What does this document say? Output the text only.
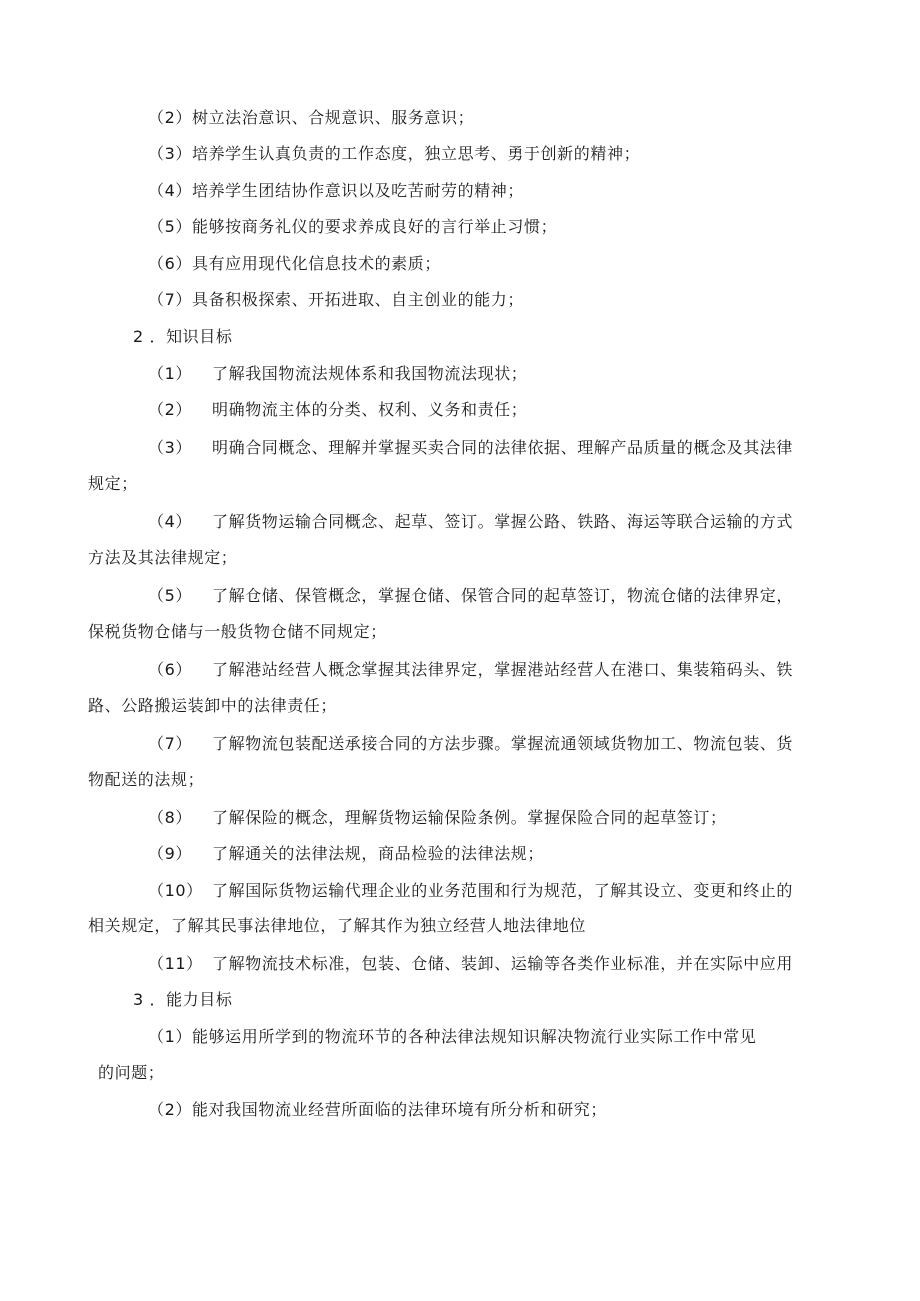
（2）树立法治意识、合规意识、服务意识；
（3）培养学生认真负责的工作态度，独立思考、勇于创新的精神；
（4）培养学生团结协作意识以及吃苦耐劳的精神；
（5）能够按商务礼仪的要求养成良好的言行举止习惯；
（6）具有应用现代化信息技术的素质；
（7）具备积极探索、开拓进取、自主创业的能力；
2 ．知识目标
（1） 了解我国物流法规体系和我国物流法现状；
（2） 明确物流主体的分类、权利、义务和责任；
（3） 明确合同概念、理解并掌握买卖合同的法律依据、理解产品质量的概念及其法律
规定；
（4） 了解货物运输合同概念、起草、签订。掌握公路、铁路、海运等联合运输的方式
方法及其法律规定；
（5） 了解仓储、保管概念，掌握仓储、保管合同的起草签订，物流仓储的法律界定，
保税货物仓储与一般货物仓储不同规定；
（6） 了解港站经营人概念掌握其法律界定，掌握港站经营人在港口、集装箱码头、铁
路、公路搬运装卸中的法律责任；
（7） 了解物流包装配送承接合同的方法步骤。掌握流通领域货物加工、物流包装、货
物配送的法规；
（8） 了解保险的概念，理解货物运输保险条例。掌握保险合同的起草签订；
（9） 了解通关的法律法规，商品检验的法律法规；
（10） 了解国际货物运输代理企业的业务范围和行为规范，了解其设立、变更和终止的
相关规定，了解其民事法律地位，了解其作为独立经营人地法律地位
（11） 了解物流技术标准，包装、仓储、装卸、运输等各类作业标准，并在实际中应用
3 ．能力目标
（1）能够运用所学到的物流环节的各种法律法规知识解决物流行业实际工作中常见
的问题；
（2）能对我国物流业经营所面临的法律环境有所分析和研究；
